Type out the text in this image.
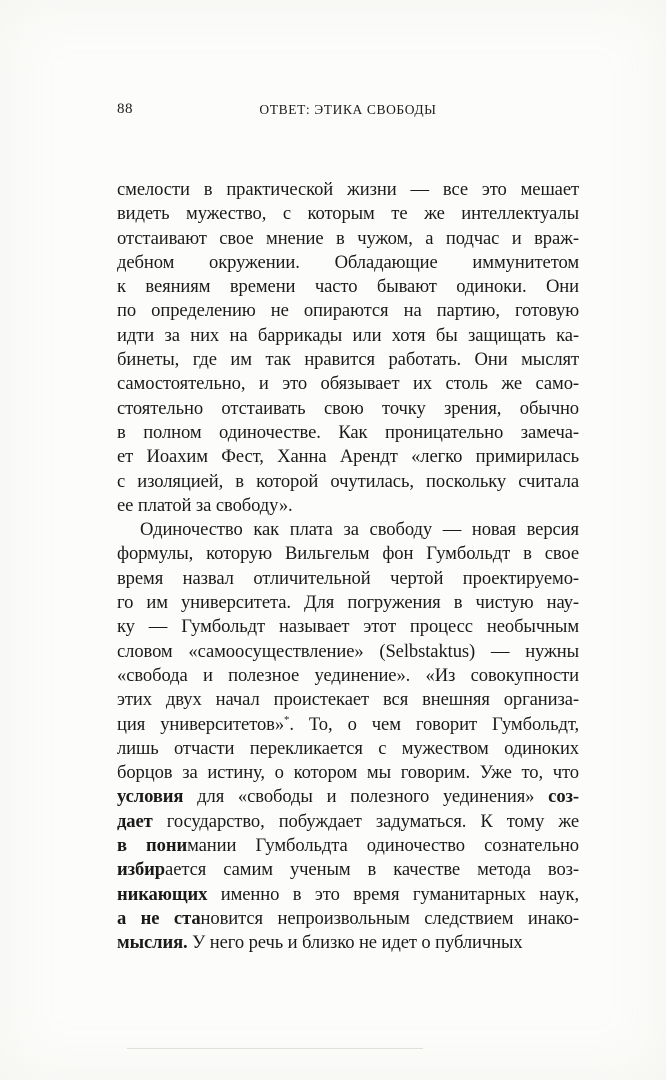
88	ОТВЕТ: ЭТИКА СВОБОДЫ
смелости в практической жизни — все это мешает
видеть мужество, с которым те же интеллектуалы
отстаивают свое мнение в чужом, а подчас и враж-
дебном окружении. Обладающие иммунитетом
к веяниям времени часто бывают одиноки. Они
по определению не опираются на партию, готовую
идти за них на баррикады или хотя бы защищать ка-
бинеты, где им так нравится работать. Они мыслят
самостоятельно, и это обязывает их столь же само-
стоятельно отстаивать свою точку зрения, обычно
в полном одиночестве. Как проницательно замеча-
ет Иоахим Фест, Ханна Арендт «легко примирилась
с изоляцией, в которой очутилась, поскольку считала
ее платой за свободу».
Одиночество как плата за свободу — новая версия
формулы, которую Вильгельм фон Гумбольдт в свое
время назвал отличительной чертой проектируемо-
го им университета. Для погружения в чистую нау-
ку — Гумбольдт называет этот процесс необычным
словом «самоосуществление» (Selbstaktus) — нужны
«свобода и полезное уединение». «Из совокупности
этих двух начал проистекает вся внешняя организа-
ция университетов»*. То, о чем говорит Гумбольдт,
лишь отчасти перекликается с мужеством одиноких
борцов за истину, о котором мы говорим. Уже то, что
условия для «свободы и полезного уединения» соз-
дает государство, побуждает задуматься. К тому же
в понимании Гумбольдта одиночество сознательно
избирается самим ученым в качестве метода воз-
никающих именно в это время гуманитарных наук,
а не становится непроизвольным следствием инако-
мыслия. У него речь и близко не идет о публичных
